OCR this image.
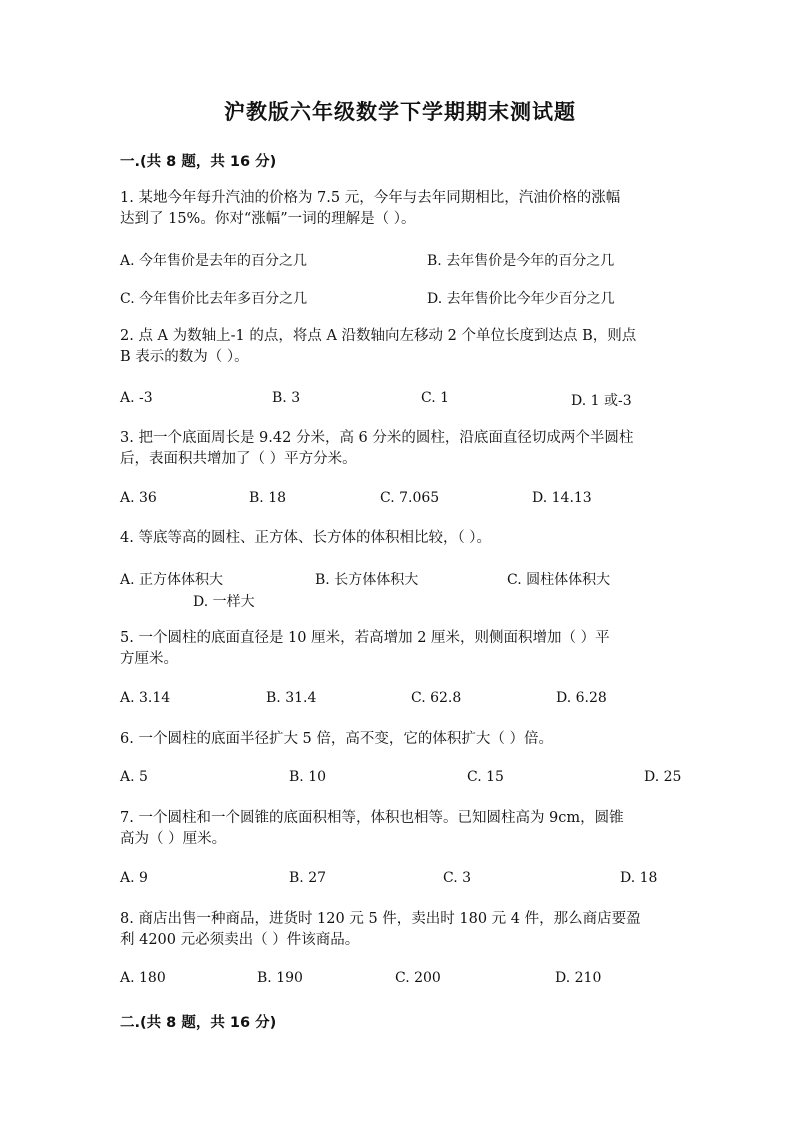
沪教版六年级数学下学期期末测试题
一.(共 8 题，共 16 分)
1. 某地今年每升汽油的价格为 7.5 元，今年与去年同期相比，汽油价格的涨幅
达到了 15%。你对“涨幅”一词的理解是（ ）。
A. 今年售价是去年的百分之几	B. 去年售价是今年的百分之几
C. 今年售价比去年多百分之几	D. 去年售价比今年少百分之几
2. 点 A 为数轴上-1 的点，将点 A 沿数轴向左移动 2 个单位长度到达点 B，则点
B 表示的数为（ ）。
A. -3	B. 3	C. 1	D. 1 或-3
3. 把一个底面周长是 9.42 分米，高 6 分米的圆柱，沿底面直径切成两个半圆柱
后，表面积共增加了（ ）平方分米。
A. 36	B. 18	C. 7.065	D. 14.13
4. 等底等高的圆柱、正方体、长方体的体积相比较，（ ）。
A. 正方体体积大	B. 长方体体积大	C. 圆柱体体积大
D. 一样大
5. 一个圆柱的底面直径是 10 厘米，若高增加 2 厘米，则侧面积增加（ ）平
方厘米。
A. 3.14	B. 31.4	C. 62.8	D. 6.28
6. 一个圆柱的底面半径扩大 5 倍，高不变，它的体积扩大（ ）倍。
A. 5	B. 10	C. 15	D. 25
7. 一个圆柱和一个圆锥的底面积相等，体积也相等。已知圆柱高为 9cm，圆锥
高为（ ）厘米。
A. 9	B. 27	C. 3	D. 18
8. 商店出售一种商品，进货时 120 元 5 件，卖出时 180 元 4 件，那么商店要盈
利 4200 元必须卖出（ ）件该商品。
A. 180	B. 190	C. 200	D. 210
二.(共 8 题，共 16 分)
